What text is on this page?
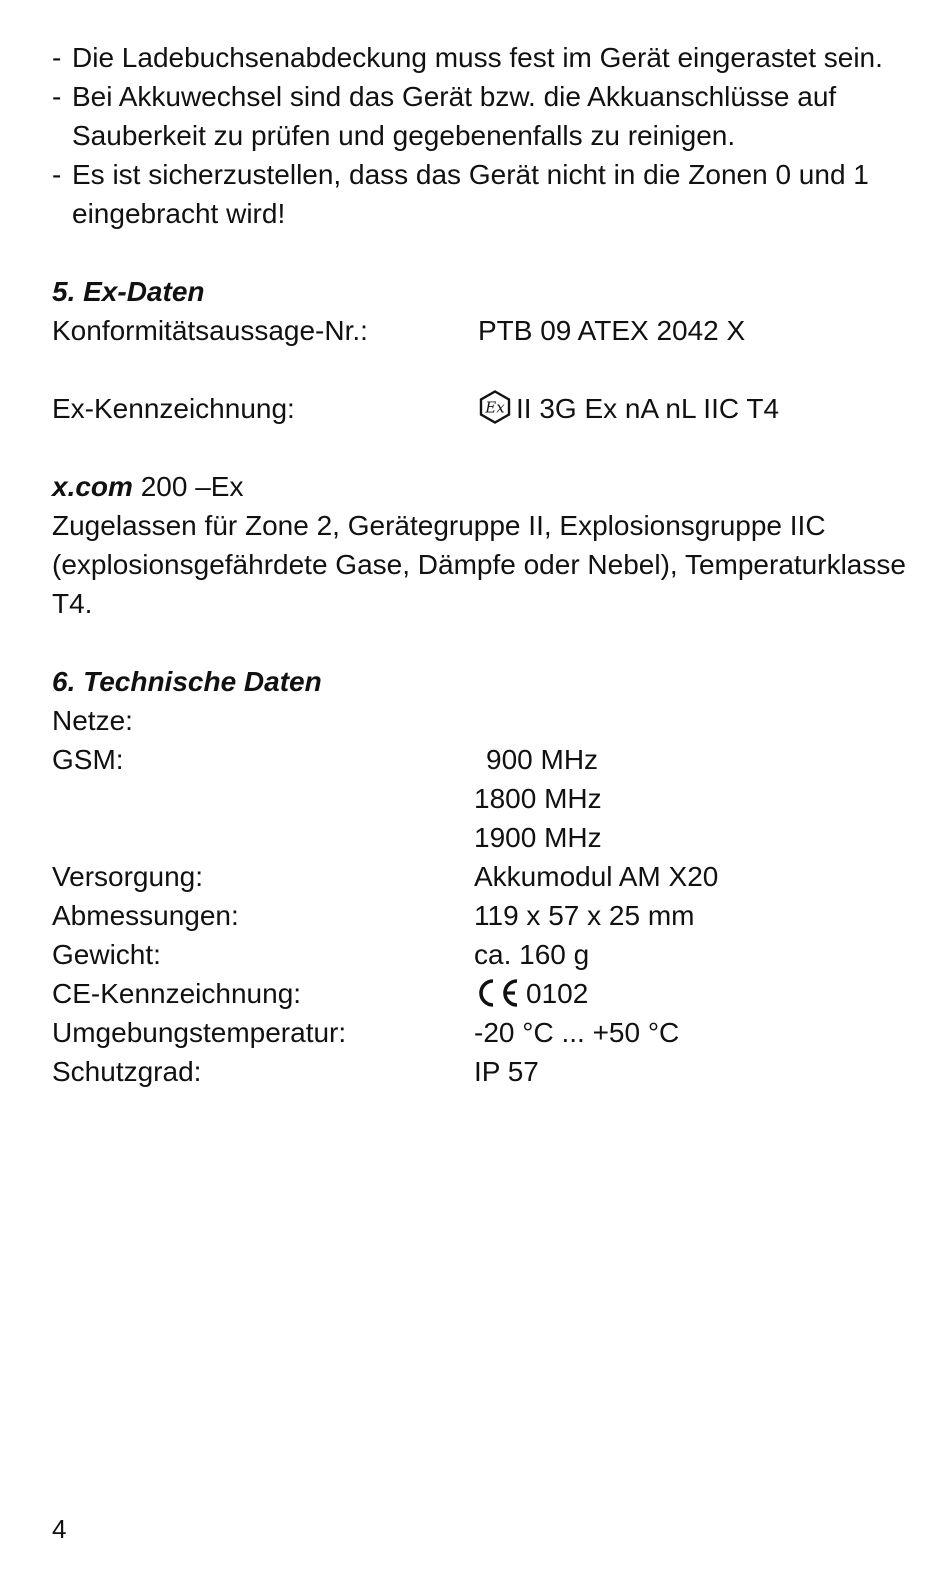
- Die Ladebuchsenabdeckung muss fest im Gerät eingerastet sein.
- Bei Akkuwechsel sind das Gerät bzw. die Akkuanschlüsse auf Sauberkeit zu prüfen und gegebenenfalls zu reinigen.
- Es ist sicherzustellen, dass das Gerät nicht in die Zonen 0 und 1 eingebracht wird!
5. Ex-Daten
Konformitätsaussage-Nr.:	PTB 09 ATEX 2042 X
Ex-Kennzeichnung:	Ex II 3G Ex nA nL IIC T4
x.com 200 –Ex
Zugelassen für Zone 2, Gerätegruppe II, Explosionsgruppe IIC (explosionsgefährdete Gase, Dämpfe oder Nebel), Temperaturklasse T4.
6. Technische Daten
Netze:
GSM:	900 MHz
1800 MHz
1900 MHz
Versorgung:	Akkumodul AM X20
Abmessungen:	119 x 57 x 25 mm
Gewicht:	ca. 160 g
CE-Kennzeichnung:	0102
Umgebungstemperatur:	-20 °C ... +50 °C
Schutzgrad:	IP 57
4
